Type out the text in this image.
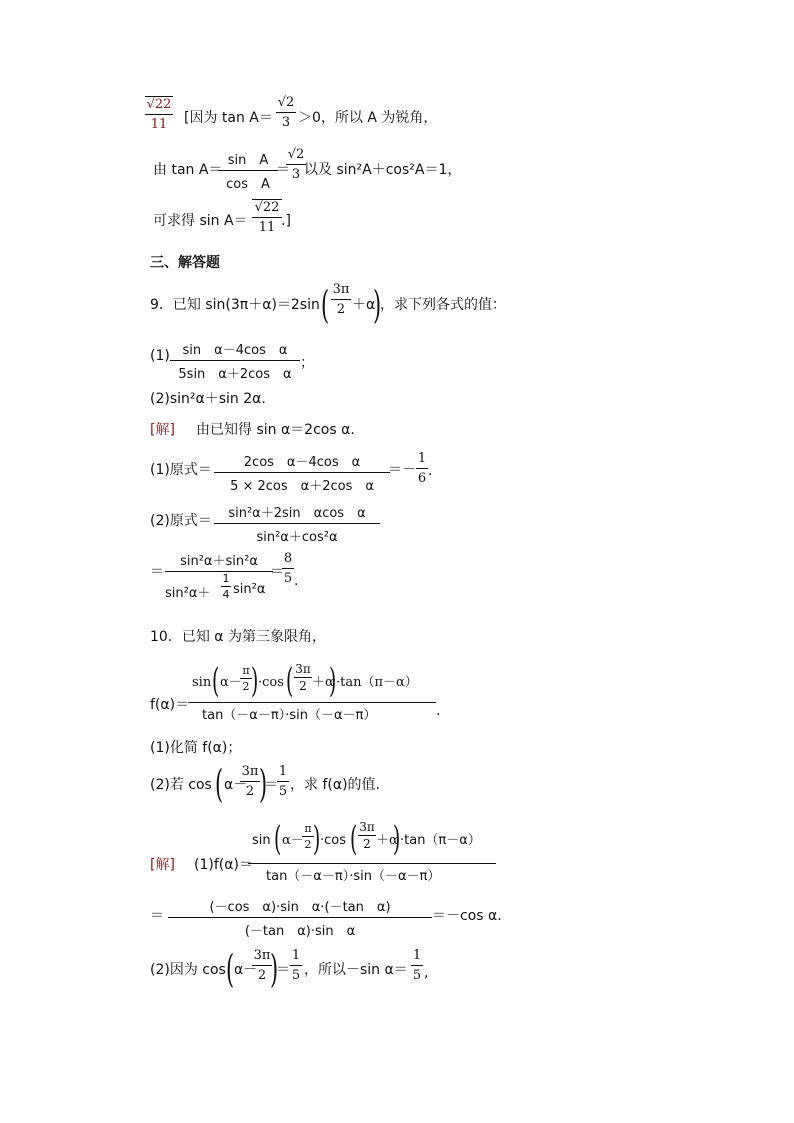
√22
11	[因为 tan A＝
√2
3 ＞0，所以 A 为锐角，
由 tan A＝
sin　A
cos　A
＝
√2
3 以及 sin²A＋cos²A＝1，
可求得 sin A＝
√22
11 .]
三、解答题
9．已知 sin(3π＋α)＝2sin ( 3π
2 ＋α
)
，求下列各式的值：
(1) sin　α－4cos　α
5sin　α＋2cos　α
；
(2)sin²α＋sin 2α.
[解] 由已知得 sin α＝2cos α.
(1)原式＝	2cos　α－4cos　α
5 × 2cos　α＋2cos　α
＝－
1
6 .
(2)原式＝	sin²α＋2sin　αcos　α
sin²α＋cos²α
＝
sin²α＋sin²α
sin²α＋
1
4 sin²α
＝
8
5 .
10．已知 α 为第三象限角，
f(α)＝
sin ( α－
π
2 ) ·cos ( 3π
2 ＋α
) ·tan（π－α）
tan（－α－π）·sin（－α－π）	.
(1)化简 f(α)；
(2)若 cos ( α－
3π
2 )
＝
1
5 ，求 f(α)的值.
[解] (1)f(α)＝
sin ( α－
π
2 ) ·cos ( 3π
2 ＋α
) ·tan（π－α）
tan（－α－π）·sin（－α－π）
＝
(－cos　α)·sin　α·(－tan　α)
(－tan　α)·sin　α
＝－cos α.
(2)因为 cos ( α－
3π
2 )
＝
1
5 ，所以－sin α＝
1
5 ,
